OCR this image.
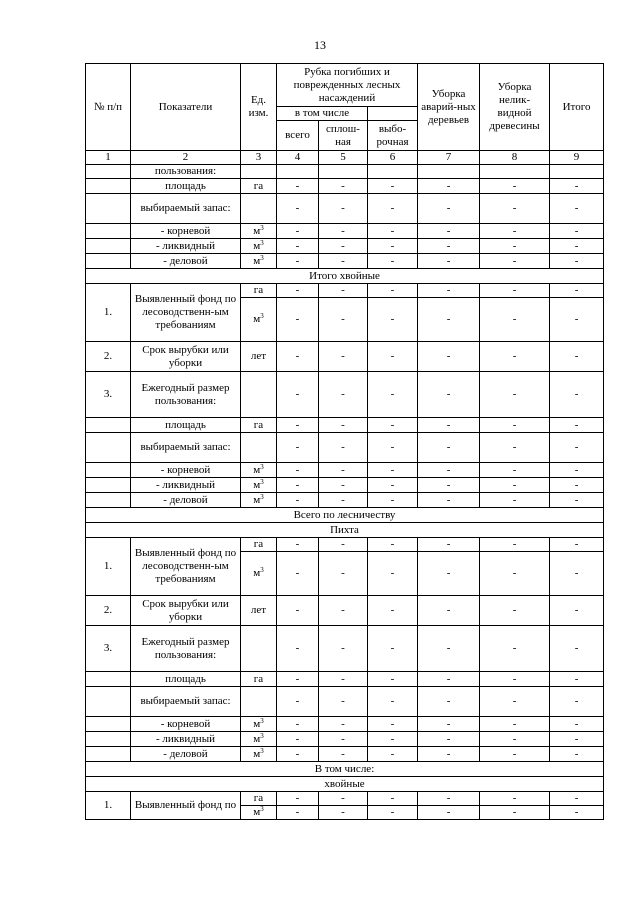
13
№ п/п	Показатели	Ед. изм.	Рубка погибших и поврежденных лесных насаждений			Уборка аварий-ных деревьев	Уборка нелик-видной древесины	Итого
			в том числе					
			всего	сплош-ная	выбо-рочная			
1	2	3	4	5	6	7	8	9
	пользования:							
	площадь	га	-	-	-	-	-	-
	выбираемый запас:		-	-	-	-	-	-
	- корневой	$м^3$	-	-	-	-	-	-
	- ликвидный	$м^3$	-	-	-	-	-	-
	- деловой	$м^3$	-	-	-	-	-	-
Итого хвойные								
1.	Выявленный фонд по лесоводственн-ым требованиям	га	-	-	-	-	-	-
		$м^3$	-	-	-	-	-	-
2.	Срок вырубки или уборки	лет	-	-	-	-	-	-
3.	Ежегодный размер пользования:		-	-	-	-	-	-
	площадь	га	-	-	-	-	-	-
	выбираемый запас:		-	-	-	-	-	-
	- корневой	$м^3$	-	-	-	-	-	-
	- ликвидный	$м^3$	-	-	-	-	-	-
	- деловой	$м^3$	-	-	-	-	-	-
Всего по лесничеству								
Пихта								
1.	Выявленный фонд по лесоводственн-ым требованиям	га	-	-	-	-	-	-
		$м^3$	-	-	-	-	-	-
2.	Срок вырубки или уборки	лет	-	-	-	-	-	-
3.	Ежегодный размер пользования:		-	-	-	-	-	-
	площадь	га	-	-	-	-	-	-
	выбираемый запас:		-	-	-	-	-	-
	- корневой	$м^3$	-	-	-	-	-	-
	- ликвидный	$м^3$	-	-	-	-	-	-
	- деловой	$м^3$	-	-	-	-	-	-
В том числе:								
хвойные								
1.	Выявленный фонд по	га	-	-	-	-	-	-
		$м^3$	-	-	-	-	-	-
